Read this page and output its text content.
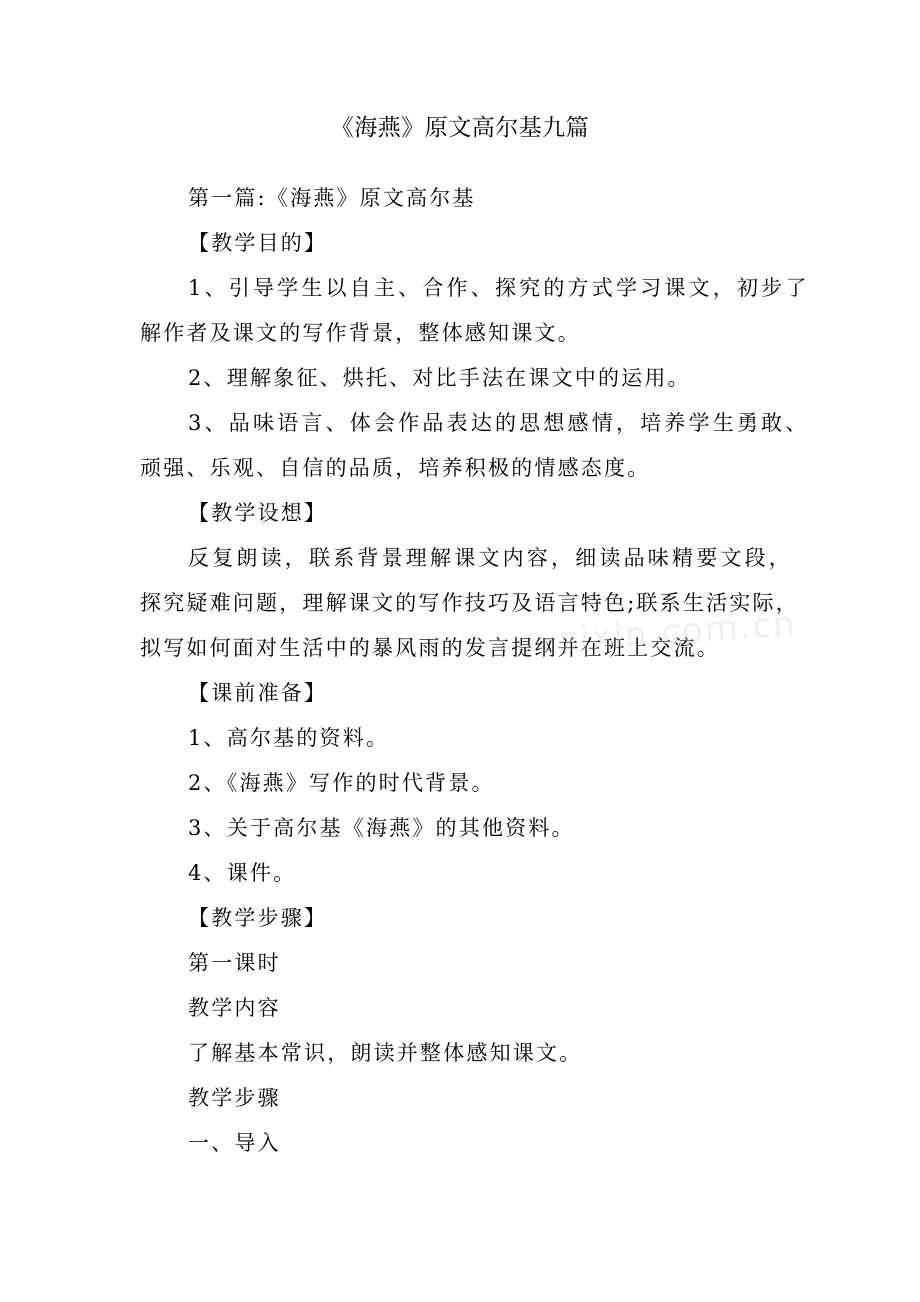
《海燕》原文高尔基九篇
第一篇:《海燕》原文高尔基
【教学目的】
1、引导学生以自主、合作、探究的方式学习课文，初步了
解作者及课文的写作背景，整体感知课文。
2、理解象征、烘托、对比手法在课文中的运用。
3、品味语言、体会作品表达的思想感情，培养学生勇敢、
顽强、乐观、自信的品质，培养积极的情感态度。
【教学设想】
反复朗读，联系背景理解课文内容，细读品味精要文段，
探究疑难问题，理解课文的写作技巧及语言特色;联系生活实际，
拟写如何面对生活中的暴风雨的发言提纲并在班上交流。
【课前准备】
1、高尔基的资料。
2、《海燕》写作的时代背景。
3、关于高尔基《海燕》的其他资料。
4、课件。
【教学步骤】
第一课时
教学内容
了解基本常识，朗读并整体感知课文。
教学步骤
一、导入
zixin.com.cn
